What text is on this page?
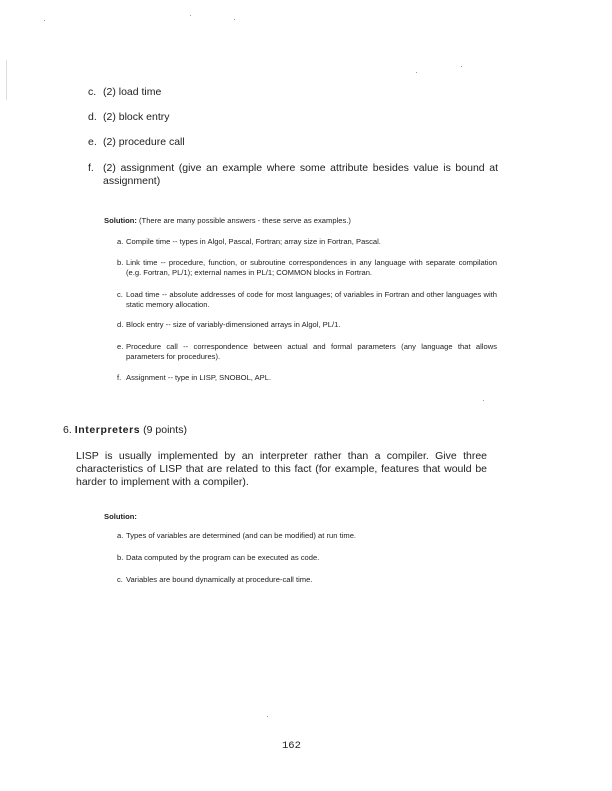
c. (2) load time
d. (2) block entry
e. (2) procedure call
f. (2) assignment (give an example where some attribute besides value is bound at assignment)
Solution: (There are many possible answers - these serve as examples.)
a. Compile time -- types in Algol, Pascal, Fortran; array size in Fortran, Pascal.
b. Link time -- procedure, function, or subroutine correspondences in any language with separate compilation (e.g. Fortran, PL/1); external names in PL/1; COMMON blocks in Fortran.
c. Load time -- absolute addresses of code for most languages; of variables in Fortran and other languages with static memory allocation.
d. Block entry -- size of variably-dimensioned arrays in Algol, PL/1.
e. Procedure call -- correspondence between actual and formal parameters (any language that allows parameters for procedures).
f. Assignment -- type in LISP, SNOBOL, APL.
6. Interpreters (9 points)
LISP is usually implemented by an interpreter rather than a compiler. Give three characteristics of LISP that are related to this fact (for example, features that would be harder to implement with a compiler).
Solution:
a. Types of variables are determined (and can be modified) at run time.
b. Data computed by the program can be executed as code.
c. Variables are bound dynamically at procedure-call time.
162
